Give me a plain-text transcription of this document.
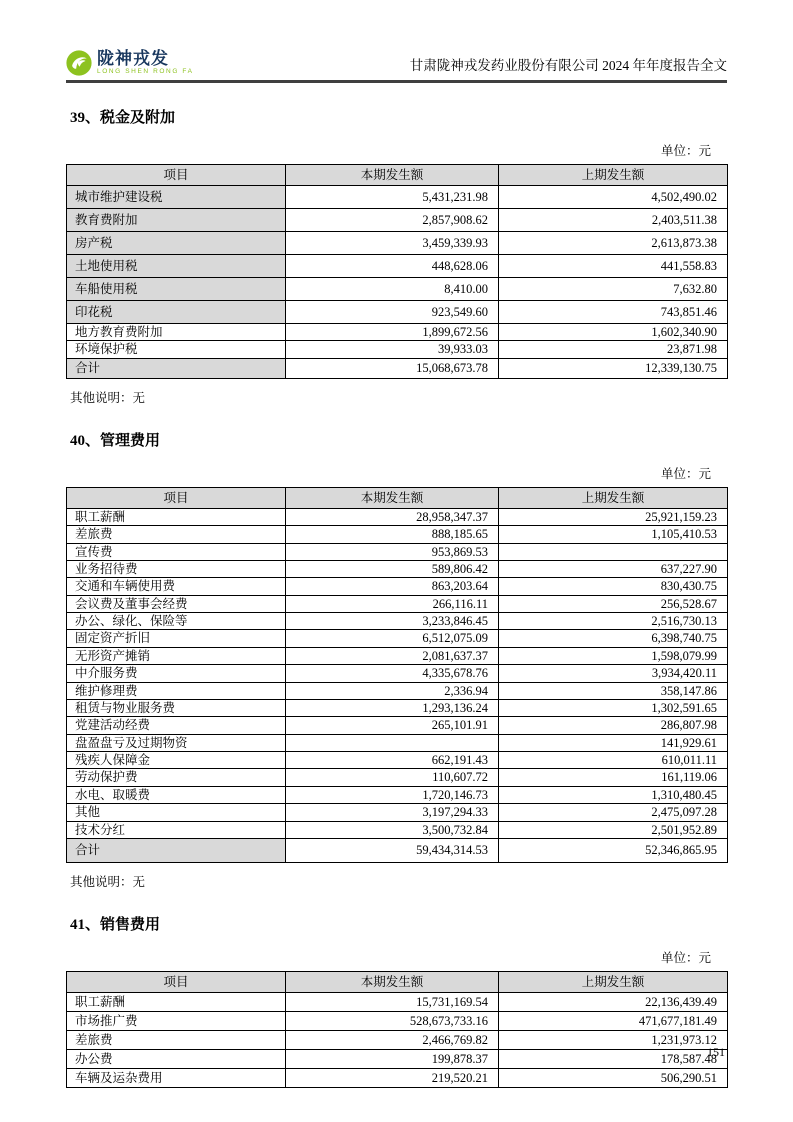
陇神戎发
LONG SHEN RONG FA	甘肃陇神戎发药业股份有限公司 2024 年年度报告全文
39、税金及附加
单位：元
项目	本期发生额	上期发生额
城市维护建设税	5,431,231.98	4,502,490.02
教育费附加	2,857,908.62	2,403,511.38
房产税	3,459,339.93	2,613,873.38
土地使用税	448,628.06	441,558.83
车船使用税	8,410.00	7,632.80
印花税	923,549.60	743,851.46
地方教育费附加	1,899,672.56	1,602,340.90
环境保护税	39,933.03	23,871.98
合计	15,068,673.78	12,339,130.75
其他说明：无
40、管理费用
单位：元
项目	本期发生额	上期发生额
职工薪酬	28,958,347.37	25,921,159.23
差旅费	888,185.65	1,105,410.53
宣传费	953,869.53	
业务招待费	589,806.42	637,227.90
交通和车辆使用费	863,203.64	830,430.75
会议费及董事会经费	266,116.11	256,528.67
办公、绿化、保险等	3,233,846.45	2,516,730.13
固定资产折旧	6,512,075.09	6,398,740.75
无形资产摊销	2,081,637.37	1,598,079.99
中介服务费	4,335,678.76	3,934,420.11
维护修理费	2,336.94	358,147.86
租赁与物业服务费	1,293,136.24	1,302,591.65
党建活动经费	265,101.91	286,807.98
盘盈盘亏及过期物资		141,929.61
残疾人保障金	662,191.43	610,011.11
劳动保护费	110,607.72	161,119.06
水电、取暖费	1,720,146.73	1,310,480.45
其他	3,197,294.33	2,475,097.28
技术分红	3,500,732.84	2,501,952.89
合计	59,434,314.53	52,346,865.95
其他说明：无
41、销售费用
单位：元
项目	本期发生额	上期发生额
职工薪酬	15,731,169.54	22,136,439.49
市场推广费	528,673,733.16	471,677,181.49
差旅费	2,466,769.82	1,231,973.12
办公费	199,878.37	178,587.48
车辆及运杂费用	219,520.21	506,290.51
151
